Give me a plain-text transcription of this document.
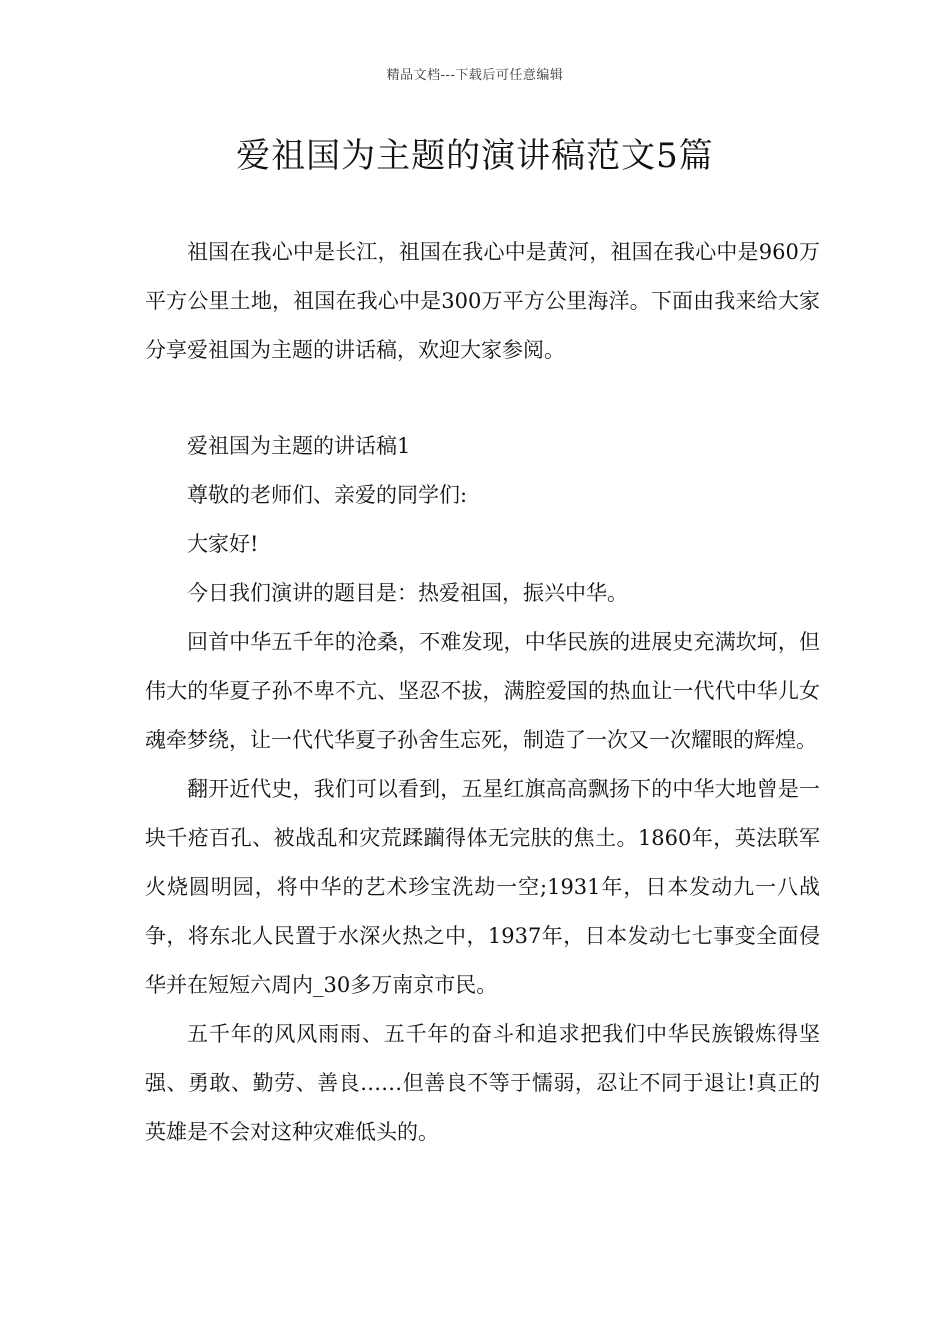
精品文档---下载后可任意编辑
爱祖国为主题的演讲稿范文5篇

祖国在我心中是长江，祖国在我心中是黄河，祖国在我心中是960万平方公里土地，祖国在我心中是300万平方公里海洋。下面由我来给大家分享爱祖国为主题的讲话稿，欢迎大家参阅。

爱祖国为主题的讲话稿1

尊敬的老师们、亲爱的同学们:

大家好!

今日我们演讲的题目是：热爱祖国，振兴中华。

回首中华五千年的沧桑，不难发现，中华民族的进展史充满坎坷，但伟大的华夏子孙不卑不亢、坚忍不拔，满腔爱国的热血让一代代中华儿女魂牵梦绕，让一代代华夏子孙舍生忘死，制造了一次又一次耀眼的辉煌。

翻开近代史，我们可以看到，五星红旗高高飘扬下的中华大地曾是一块千疮百孔、被战乱和灾荒蹂躏得体无完肤的焦土。1860年，英法联军火烧圆明园，将中华的艺术珍宝洗劫一空;1931年，日本发动九一八战争，将东北人民置于水深火热之中，1937年，日本发动七七事变全面侵华并在短短六周内_30多万南京市民。

五千年的风风雨雨、五千年的奋斗和追求把我们中华民族锻炼得坚强、勇敢、勤劳、善良……但善良不等于懦弱，忍让不同于退让!真正的英雄是不会对这种灾难低头的。
